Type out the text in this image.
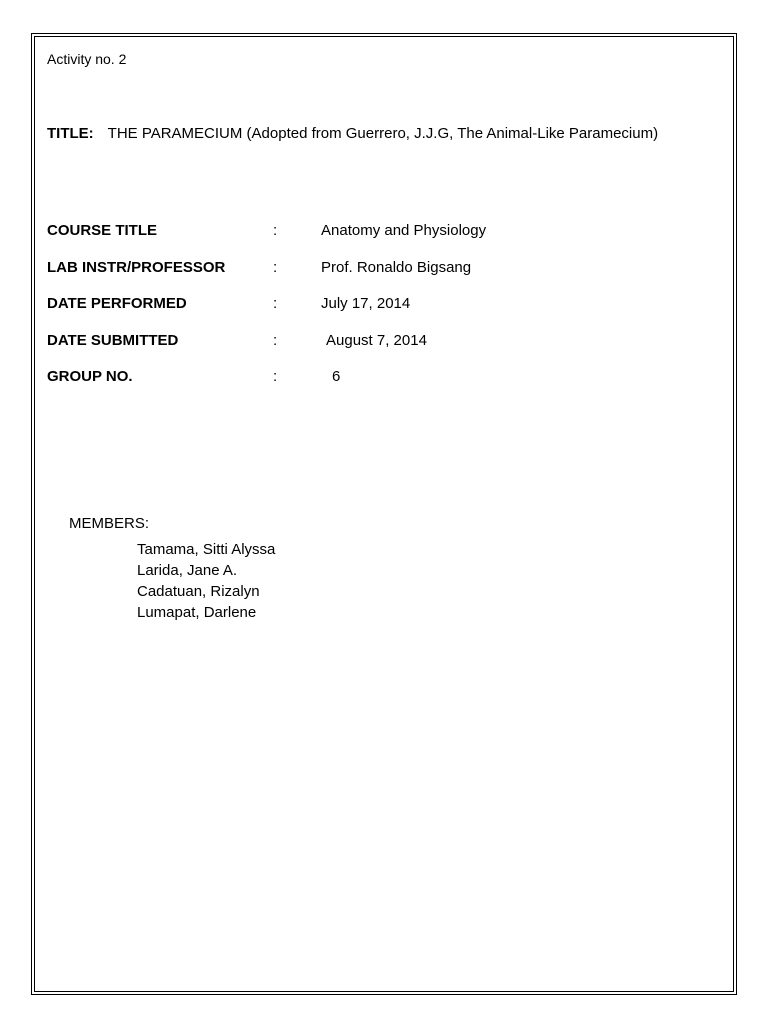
Activity no. 2
TITLE: THE PARAMECIUM (Adopted from Guerrero, J.J.G, The Animal-Like Paramecium)
COURSE TITLE	:	Anatomy and Physiology
LAB INSTR/PROFESSOR	:	Prof. Ronaldo Bigsang
DATE PERFORMED	:	July 17, 2014
DATE SUBMITTED	:	August 7, 2014
GROUP NO.	:	6
MEMBERS:
Tamama, Sitti Alyssa
Larida, Jane A.
Cadatuan, Rizalyn
Lumapat, Darlene
